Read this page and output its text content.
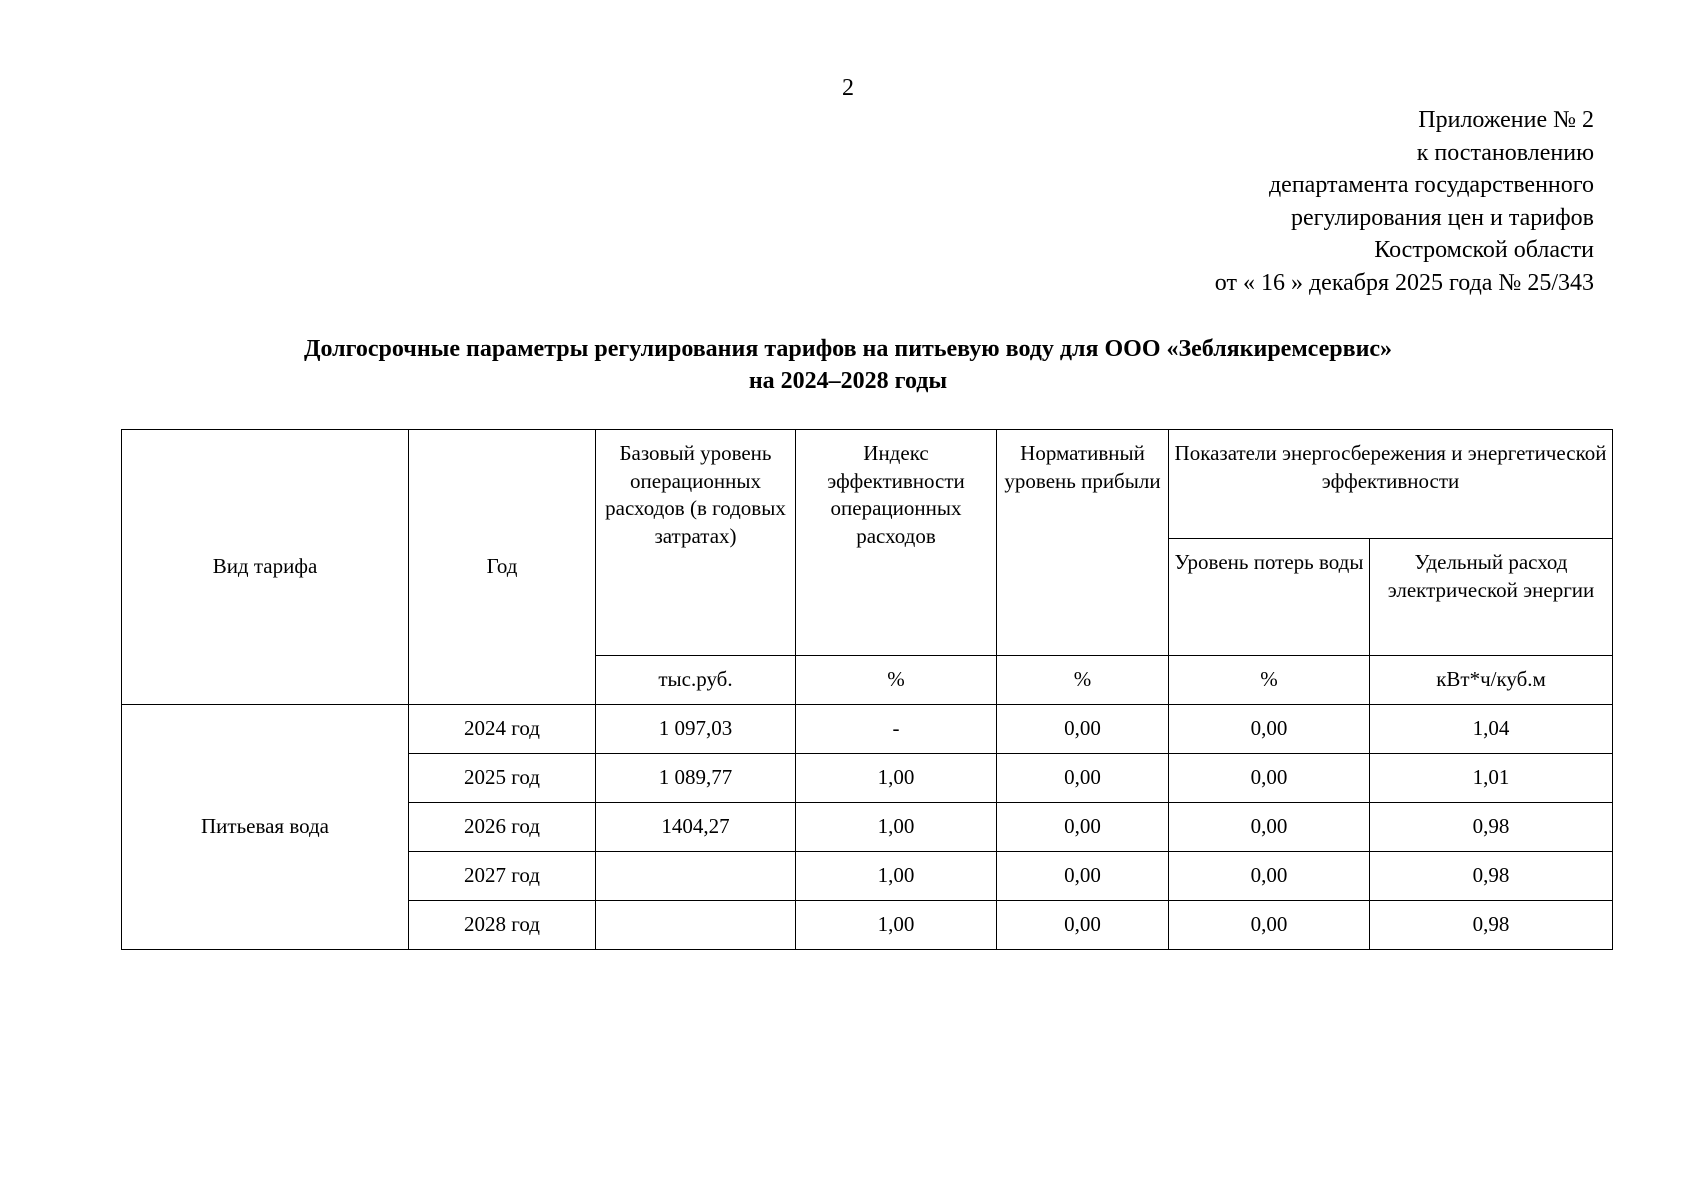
2
Приложение № 2
к постановлению
департамента государственного
регулирования цен и тарифов
Костромской области
от « 16 » декабря 2025 года № 25/343
Долгосрочные параметры регулирования тарифов на питьевую воду для ООО «Зеблякиремсервис»
на 2024–2028 годы
Вид тарифа	Год	Базовый уровень операционных расходов (в годовых затратах)	Индекс эффективности операционных расходов	Нормативный уровень прибыли	Показатели энергосбережения и энергетической эффективности	
					Уровень потерь воды	Удельный расход электрической энергии
		тыс.руб.	%	%	%	кВт*ч/куб.м
Питьевая вода	2024 год	1 097,03	-	0,00	0,00	1,04
	2025 год	1 089,77	1,00	0,00	0,00	1,01
	2026 год	1404,27	1,00	0,00	0,00	0,98
	2027 год		1,00	0,00	0,00	0,98
	2028 год		1,00	0,00	0,00	0,98
